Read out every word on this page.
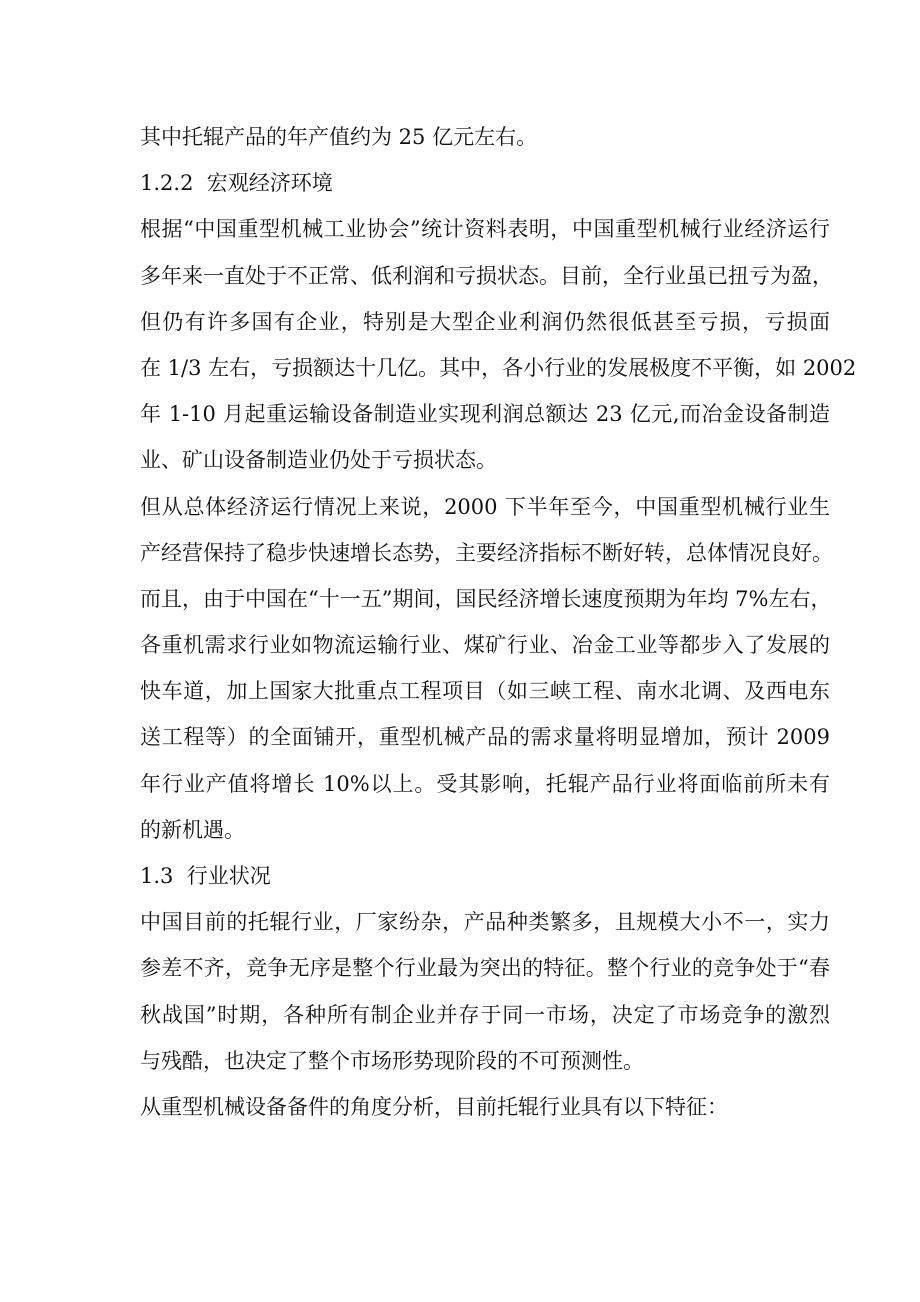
其中托辊产品的年产值约为 25 亿元左右。
1.2.2 宏观经济环境
根据“中国重型机械工业协会”统计资料表明，中国重型机械行业经济运行
多年来一直处于不正常、低利润和亏损状态。目前，全行业虽已扭亏为盈，
但仍有许多国有企业，特别是大型企业利润仍然很低甚至亏损，亏损面
在 1/3 左右，亏损额达十几亿。其中，各小行业的发展极度不平衡，如 2002
年 1-10 月起重运输设备制造业实现利润总额达 23 亿元,而冶金设备制造
业、矿山设备制造业仍处于亏损状态。
但从总体经济运行情况上来说，2000 下半年至今，中国重型机械行业生
产经营保持了稳步快速增长态势，主要经济指标不断好转，总体情况良好。
而且，由于中国在“十一五”期间，国民经济增长速度预期为年均 7%左右，
各重机需求行业如物流运输行业、煤矿行业、冶金工业等都步入了发展的
快车道，加上国家大批重点工程项目（如三峡工程、南水北调、及西电东
送工程等）的全面铺开，重型机械产品的需求量将明显增加，预计 2009
年行业产值将增长 10%以上。受其影响，托辊产品行业将面临前所未有
的新机遇。
1.3 行业状况
中国目前的托辊行业，厂家纷杂，产品种类繁多，且规模大小不一，实力
参差不齐，竞争无序是整个行业最为突出的特征。整个行业的竞争处于“春
秋战国”时期，各种所有制企业并存于同一市场，决定了市场竞争的激烈
与残酷，也决定了整个市场形势现阶段的不可预测性。
从重型机械设备备件的角度分析，目前托辊行业具有以下特征：
